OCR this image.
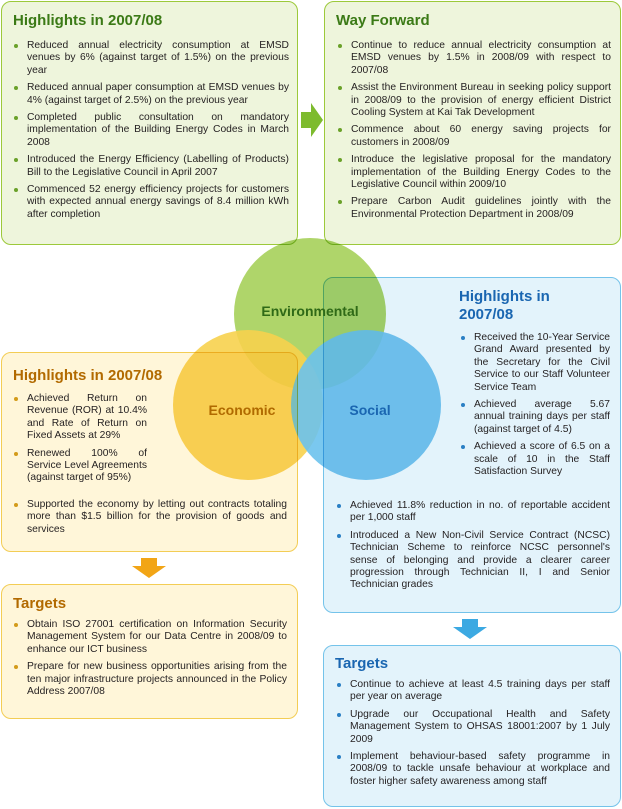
Highlights in 2007/08
Reduced annual electricity consumption at EMSD venues by 6% (against target of 1.5%) on the previous year
Reduced annual paper consumption at EMSD venues by 4% (against target of 2.5%) on the previous year
Completed public consultation on mandatory implementation of the Building Energy Codes in March 2008
Introduced the Energy Efficiency (Labelling of Products) Bill to the Legislative Council in April 2007
Commenced 52 energy efficiency projects for customers with expected annual energy savings of 8.4 million kWh after completion
Way Forward
Continue to reduce annual electricity consumption at EMSD venues by 1.5% in 2008/09 with respect to 2007/08
Assist the Environment Bureau in seeking policy support in 2008/09 to the provision of energy efficient District Cooling System at Kai Tak Development
Commence about 60 energy saving projects for customers in 2008/09
Introduce the legislative proposal for the mandatory implementation of the Building Energy Codes to the Legislative Council within 2009/10
Prepare Carbon Audit guidelines jointly with the Environmental Protection Department in 2008/09
Highlights in
2007/08
Received the 10-Year Service Grand Award presented by the Secretary for the Civil Service to our Staff Volunteer Service Team
Achieved average 5.67 annual training days per staff (against target of 4.5)
Achieved a score of 6.5 on a scale of 10 in the Staff Satisfaction Survey
Achieved 11.8% reduction in no. of reportable accident per 1,000 staff
Introduced a New Non-Civil Service Contract (NCSC) Technician Scheme to reinforce NCSC personnel's sense of belonging and provide a clearer career progression through Technician II, I and Senior Technician grades
Highlights in 2007/08
Achieved Return on Revenue (ROR) at 10.4% and Rate of Return on Fixed Assets at 29%
Renewed 100% of Service Level Agreements (against target of 95%)
Supported the economy by letting out contracts totaling more than $1.5 billion for the provision of goods and services
Environmental
Economic	Social
Targets
Obtain ISO 27001 certification on Information Security Management System for our Data Centre in 2008/09 to enhance our ICT business
Prepare for new business opportunities arising from the ten major infrastructure projects announced in the Policy Address 2007/08
Targets
Continue to achieve at least 4.5 training days per staff per year on average
Upgrade our Occupational Health and Safety Management System to OHSAS 18001:2007 by 1 July 2009
Implement behaviour-based safety programme in 2008/09 to tackle unsafe behaviour at workplace and foster higher safety awareness among staff
